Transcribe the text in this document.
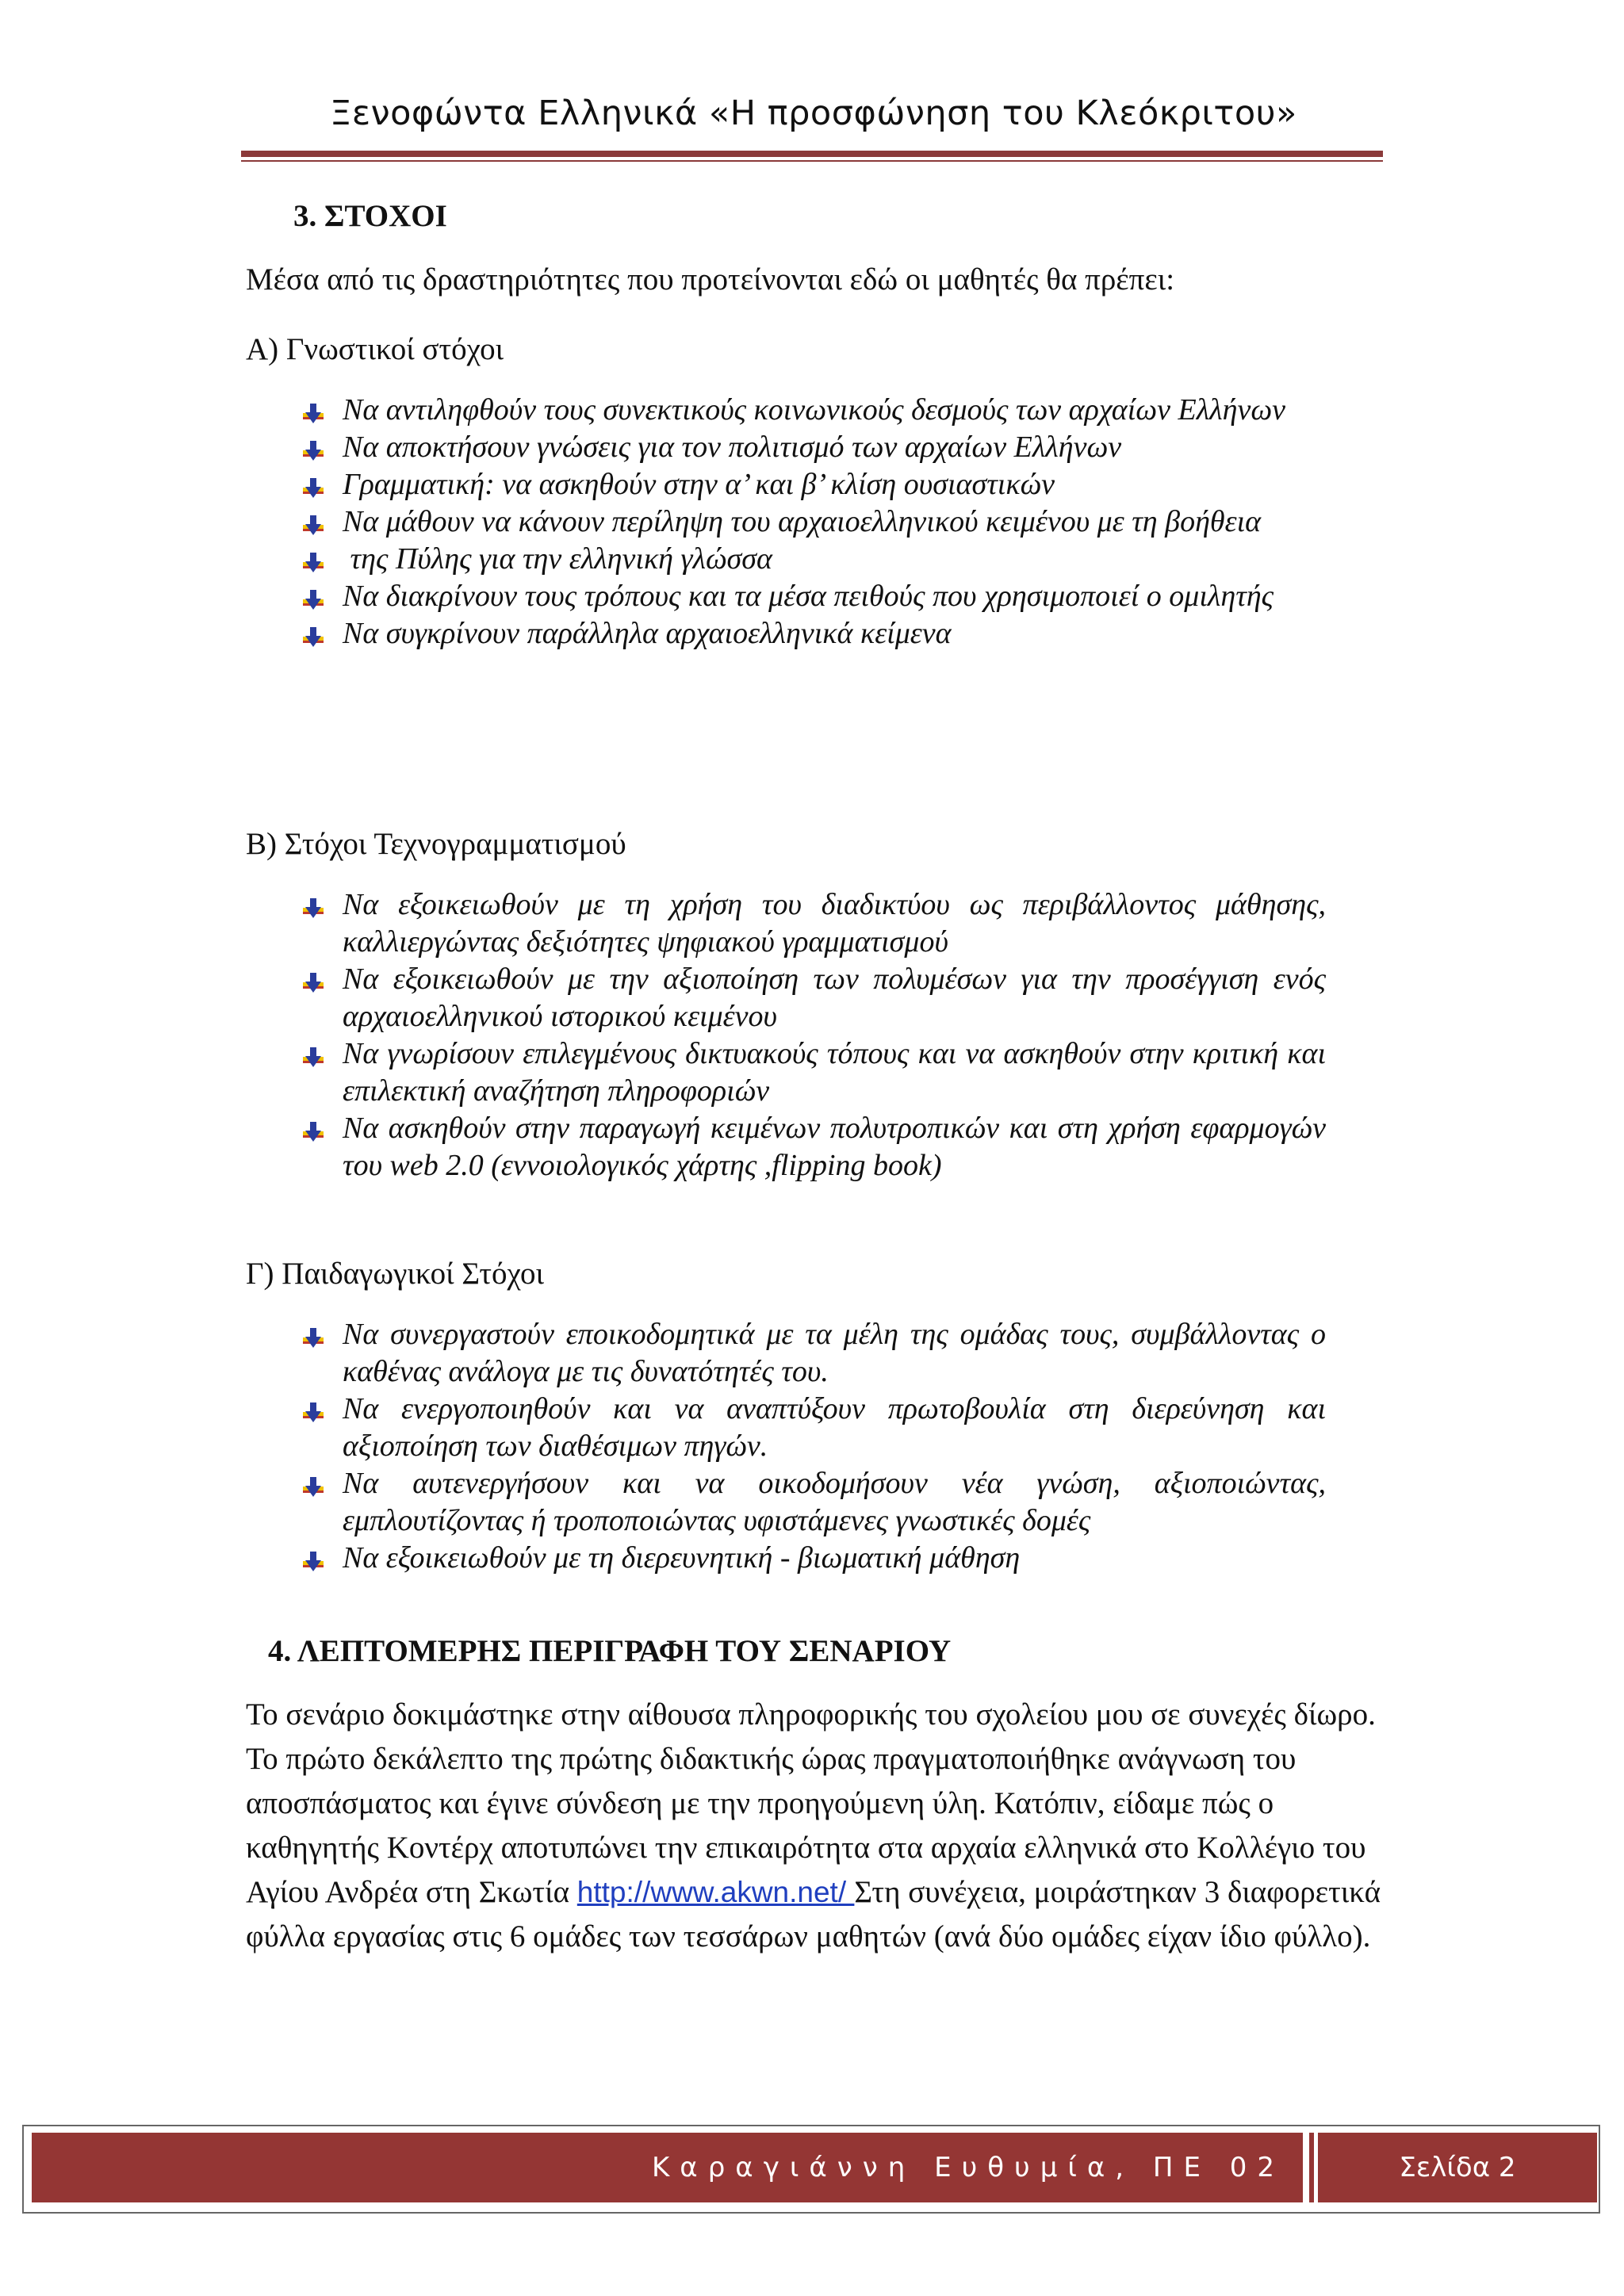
Ξενοφώντα Ελληνικά «Η προσφώνηση του Κλεόκριτου»
3. ΣΤΟΧΟΙ
Μέσα από τις δραστηριότητες που προτείνονται εδώ οι μαθητές θα πρέπει:
Α) Γνωστικοί στόχοι
Να αντιληφθούν τους συνεκτικούς κοινωνικούς δεσμούς των αρχαίων Ελλήνων
Να αποκτήσουν γνώσεις για τον πολιτισμό των αρχαίων Ελλήνων
Γραμματική: να ασκηθούν στην α’ και β’ κλίση ουσιαστικών
Να μάθουν να κάνουν περίληψη του αρχαιοελληνικού κειμένου με τη βοήθεια
της Πύλης για την ελληνική γλώσσα
Να διακρίνουν τους τρόπους και τα μέσα πειθούς που χρησιμοποιεί ο ομιλητής
Να συγκρίνουν παράλληλα αρχαιοελληνικά κείμενα
Β) Στόχοι Τεχνογραμματισμού
Να εξοικειωθούν με τη χρήση του διαδικτύου ως περιβάλλοντος μάθησης, καλλιεργώντας δεξιότητες ψηφιακού γραμματισμού
Να εξοικειωθούν με την αξιοποίηση των πολυμέσων για την προσέγγιση ενός αρχαιοελληνικού ιστορικού κειμένου
Να γνωρίσουν επιλεγμένους δικτυακούς τόπους και να ασκηθούν στην κριτική και επιλεκτική αναζήτηση πληροφοριών
Να ασκηθούν στην παραγωγή κειμένων πολυτροπικών και στη χρήση εφαρμογών του web 2.0 (εννοιολογικός χάρτης ,flipping book)
Γ) Παιδαγωγικοί Στόχοι
Να συνεργαστούν εποικοδομητικά με τα μέλη της ομάδας τους, συμβάλλοντας ο καθένας ανάλογα με τις δυνατότητές του.
Να ενεργοποιηθούν και να αναπτύξουν πρωτοβουλία στη διερεύνηση και αξιοποίηση των διαθέσιμων πηγών.
Να αυτενεργήσουν και να οικοδομήσουν νέα γνώση, αξιοποιώντας, εμπλουτίζοντας ή τροποποιώντας υφιστάμενες γνωστικές δομές
Να εξοικειωθούν με τη διερευνητική - βιωματική μάθηση
4. ΛΕΠΤΟΜΕΡΗΣ ΠΕΡΙΓΡΑΦΗ ΤΟΥ ΣΕΝΑΡΙΟΥ
Το σενάριο δοκιμάστηκε στην αίθουσα πληροφορικής του σχολείου μου σε συνεχές δίωρο. Το πρώτο δεκάλεπτο της πρώτης διδακτικής ώρας πραγματοποιήθηκε ανάγνωση του αποσπάσματος και έγινε σύνδεση με την προηγούμενη ύλη. Κατόπιν, είδαμε πώς ο καθηγητής Κοντέρχ αποτυπώνει την επικαιρότητα στα αρχαία ελληνικά στο Κολλέγιο του Αγίου Ανδρέα στη Σκωτία http://www.akwn.net/ Στη συνέχεια, μοιράστηκαν 3 διαφορετικά φύλλα εργασίας στις 6 ομάδες των τεσσάρων μαθητών (ανά δύο ομάδες είχαν ίδιο φύλλο).
Καραγιάννη Ευθυμία, ΠΕ 02	Σελίδα 2
